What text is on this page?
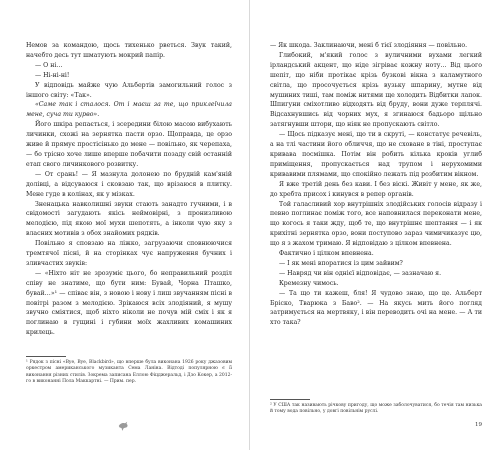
Немов за командою, щось тихенько рветься. Звук такий, начебто десь тут шматують мокрий папір.

— О ні…

— Ні-ні-ні!

У відповідь майже чую Альбертів замогильний голос з іншого світу: «Так».

«Саме так і сталося. От і маєш за те, що приклеїчила мене, суча ти курво».

Його шкіра репається, і зсередини білою масою вибухають личинки, схожі на зернятка пасти орзо. Щоправда, це орзо живе й прямує простісінько до мене — повільно, як черепаха, — бо трісно хоче лише вперше побачити позаду свій останній етап свого личинкового розвитку.

— От срань! — Я мазнула долонею по брудній кам'яній долівці, а відсуваюся і сковзаю так, що врізаюся в плитку. Мене гуде в колінах, як у мізках.

Зненацька навколишні звуки стають занадто гучними, і в свідомості загудають якісь неймовірні, з пронизливою мелодією, під якою мої мухи шепотять, а інколи чую яку з власних мотивів з обох знайомих рядків.

Повільно я сповзаю на ліжко, загрузаючи сповнюючися тремтячої пісні, й на сторінках чує напруження бучних і зливчастих звуків:

— «Ніхто ніт не зрозуміє цього, бо неправильний розділ співу не знатиме, що бути ним: Бувай, Чорна Пташко, бувай…»¹ — співає він, з новою і нову і лиш звучанням пісні в повітрі разом з мелодією. Зрікаюся всіх злодіяний, я мушу звучно сміятися, щоб ніхто ніколи не почув мій сміх і як я поглинаю в гущині і губини моїх жахливих комашиних крилець.

¹ Рядок з пісні «Bye, Bye, Blackbird», що вперше була виконана 1926 року джазовим оркестром американського музиканта Сема Ланіна. Відтоді популярною є її виконання різних стилів. Зокрема записана Еллою Фіцджеральд, і Дзо Кокер, а 2012-го в виконанні Пола Маккартні. — Прим. пер.

— Як шкода. Заклинаючи, мені б тієї злодіяння — повільно.

Глибокий, м'який голос з вуличними вухами легкий ірландський акцент, що ніде зігріває кожну ноту… Від цього шепіт, що ніби протікає крізь бузкові вікна з каламутного світла, що просочується крізь вузьку шпарину, мутне від мушиних тиші, там поміж нитями ще холодить Відбитки лапок. Шпигуни сміхотливо відходять від бруду, вони дуже терплячі. Відсахнувшись від чорних мух, я згинаюся бадьоро щільно затягнувши штори, що ніяк не пропускають світло.

— Щось підказує мені, що ти в скруті, — констатує речевіль, а на тлі частини його обличчя, що не сховане в тіні, проступає кривава посмішка. Потім він робить кілька кроків углиб приміщення, пропускається над трупом і нерухомими кривавими плямами, що спокійно лежать під розбитим вікном.

Я вже третій день без кави. І без віскі. Живіт у мене, як же, до хребта присох і кинувся в репер органів.

Той галасливий хор внутрішніх злодійських голосів відразу і певно поглинає поміж того, все наповнилася переконати мене, що когось я таки жду, щоб те, що внутрішнє шептання — і як крихітні зернятка орзо, вони поступово зараз чимичиказує цю, що я з жахом тримаю. Я відповідаю з цілком впевнена.

Фактично і цілком впевнена.

— І як мені впоратися із цим зайвим?

— Навряд чи він однієї відповідає, — зазначаю я.

Кремезну чимось.

— Та що ти кажеш, бля! Я чудово знаю, що це. Альберт Бріско, Тварюка з Баво². — На якусь мить його погляд затримується на мертвяку, і він переводить очі на мене. — А ти хто така?

² У США так називають річкову пригоду, що може заболочуватися, бо течія там низька й тому вода повільно, у довгі повільнім руслі.

19
